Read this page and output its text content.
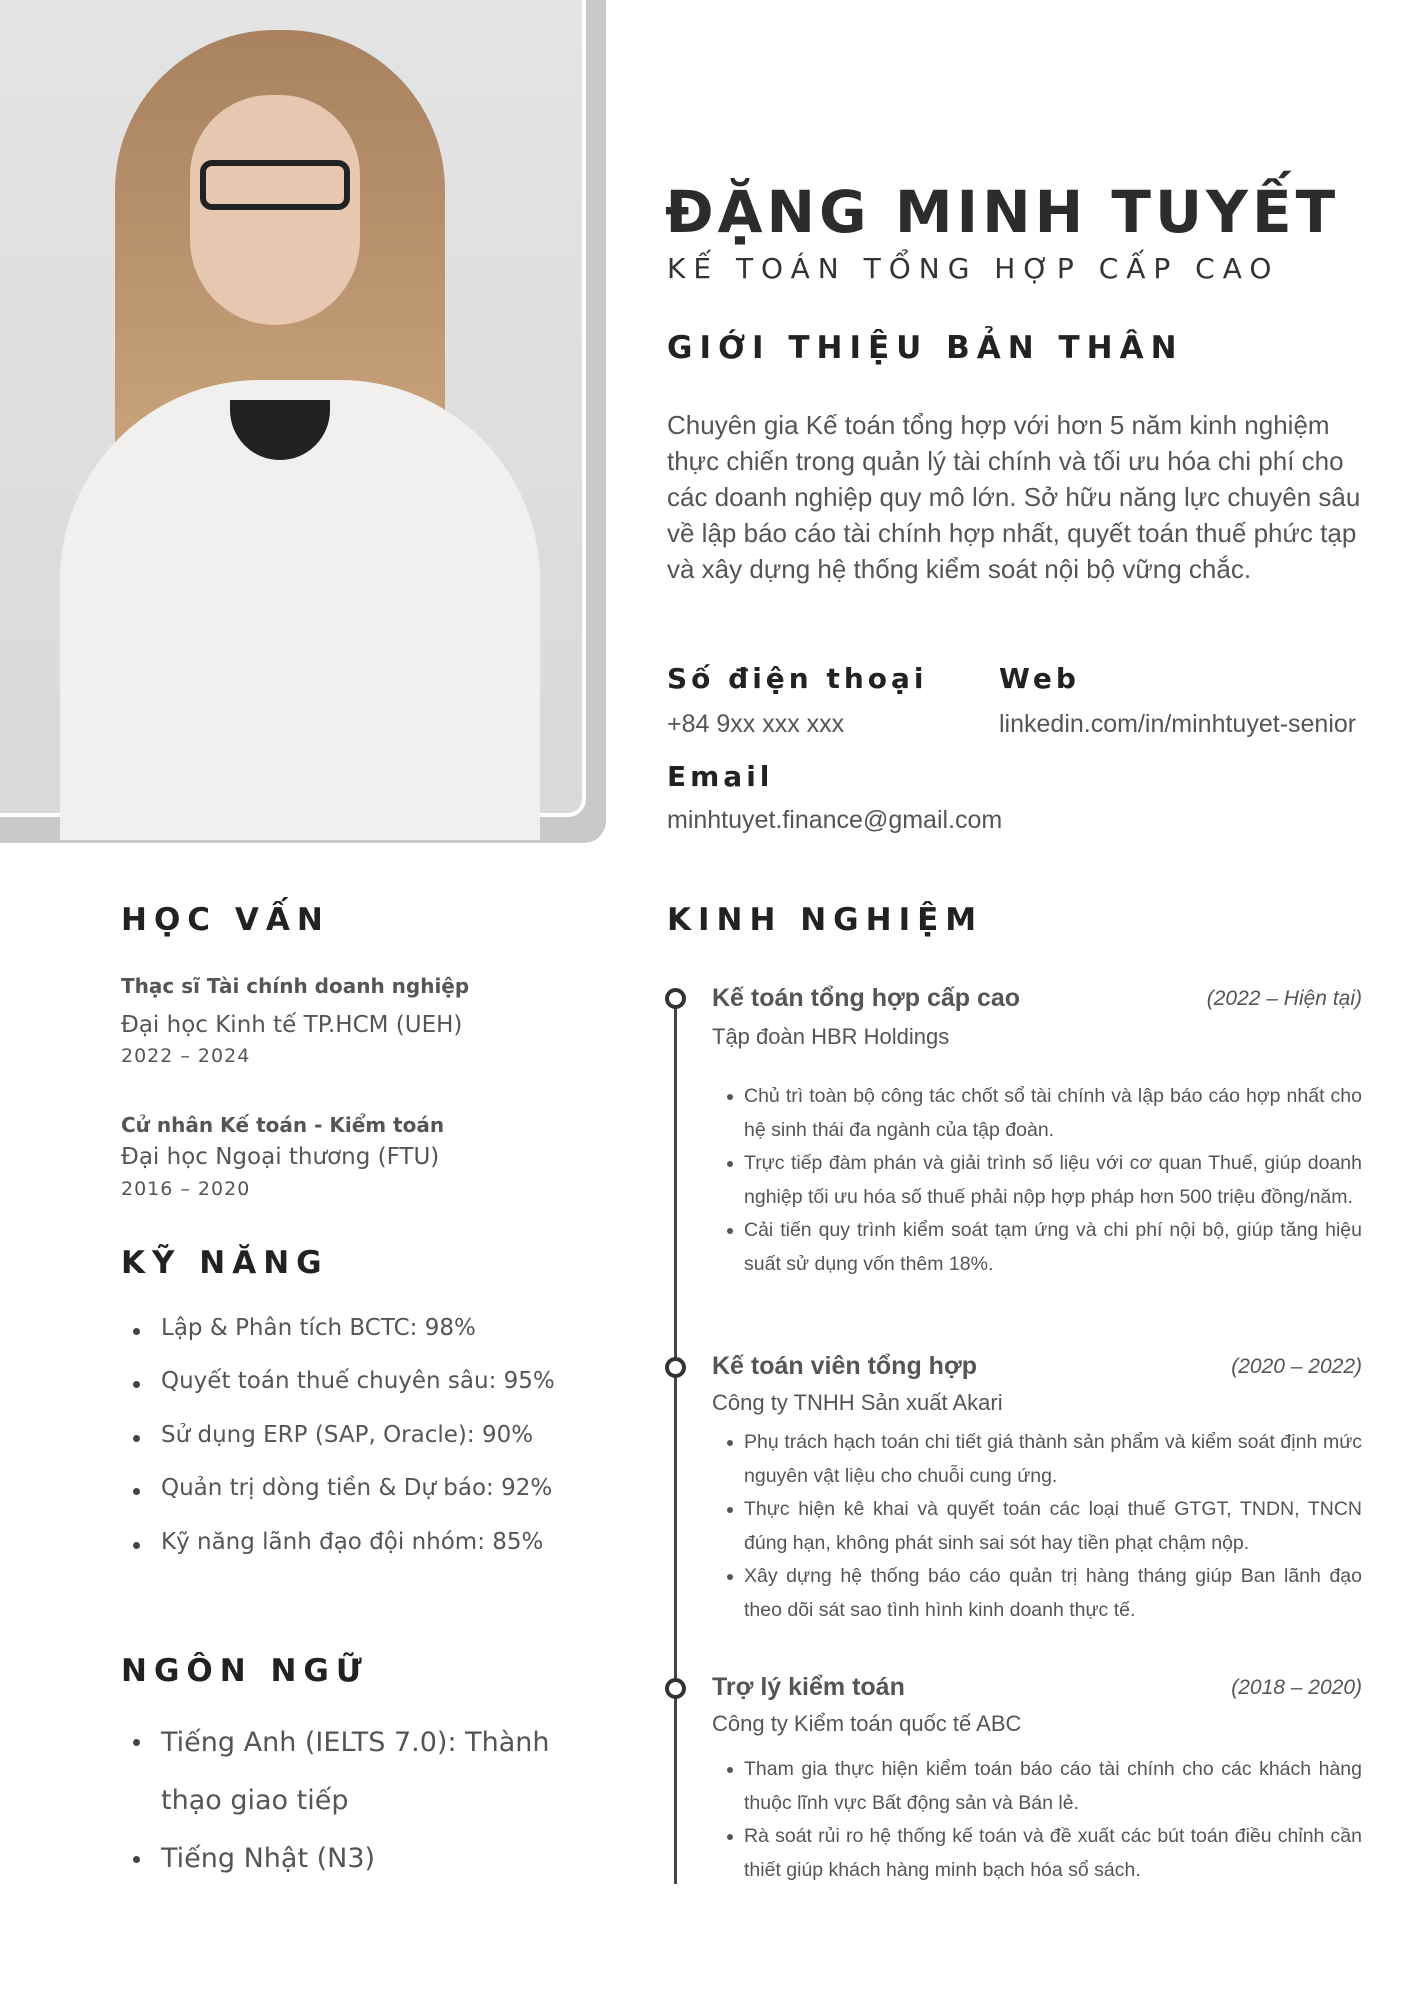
ĐẶNG MINH TUYẾT
KẾ TOÁN TỔNG HỢP CẤP CAO
GIỚI THIỆU BẢN THÂN
Chuyên gia Kế toán tổng hợp với hơn 5 năm kinh nghiệm thực chiến trong quản lý tài chính và tối ưu hóa chi phí cho các doanh nghiệp quy mô lớn. Sở hữu năng lực chuyên sâu về lập báo cáo tài chính hợp nhất, quyết toán thuế phức tạp và xây dựng hệ thống kiểm soát nội bộ vững chắc.
Số điện thoại
+84 9xx xxx xxx
Web
linkedin.com/in/minhtuyet-senior
Email
minhtuyet.finance@gmail.com
HỌC VẤN
Thạc sĩ Tài chính doanh nghiệp
Đại học Kinh tế TP.HCM (UEH)
2022 – 2024
Cử nhân Kế toán - Kiểm toán
Đại học Ngoại thương (FTU)
2016 – 2020
KỸ NĂNG
Lập & Phân tích BCTC: 98%
Quyết toán thuế chuyên sâu: 95%
Sử dụng ERP (SAP, Oracle): 90%
Quản trị dòng tiền & Dự báo: 92%
Kỹ năng lãnh đạo đội nhóm: 85%
NGÔN NGỮ
Tiếng Anh (IELTS 7.0): Thành thạo giao tiếp
Tiếng Nhật (N3)
KINH NGHIỆM
Kế toán tổng hợp cấp cao	(2022 – Hiện tại)
Tập đoàn HBR Holdings
Chủ trì toàn bộ công tác chốt sổ tài chính và lập báo cáo hợp nhất cho hệ sinh thái đa ngành của tập đoàn.
Trực tiếp đàm phán và giải trình số liệu với cơ quan Thuế, giúp doanh nghiệp tối ưu hóa số thuế phải nộp hợp pháp hơn 500 triệu đồng/năm.
Cải tiến quy trình kiểm soát tạm ứng và chi phí nội bộ, giúp tăng hiệu suất sử dụng vốn thêm 18%.
Kế toán viên tổng hợp	(2020 – 2022)
Công ty TNHH Sản xuất Akari
Phụ trách hạch toán chi tiết giá thành sản phẩm và kiểm soát định mức nguyên vật liệu cho chuỗi cung ứng.
Thực hiện kê khai và quyết toán các loại thuế GTGT, TNDN, TNCN đúng hạn, không phát sinh sai sót hay tiền phạt chậm nộp.
Xây dựng hệ thống báo cáo quản trị hàng tháng giúp Ban lãnh đạo theo dõi sát sao tình hình kinh doanh thực tế.
Trợ lý kiểm toán	(2018 – 2020)
Công ty Kiểm toán quốc tế ABC
Tham gia thực hiện kiểm toán báo cáo tài chính cho các khách hàng thuộc lĩnh vực Bất động sản và Bán lẻ.
Rà soát rủi ro hệ thống kế toán và đề xuất các bút toán điều chỉnh cần thiết giúp khách hàng minh bạch hóa sổ sách.
